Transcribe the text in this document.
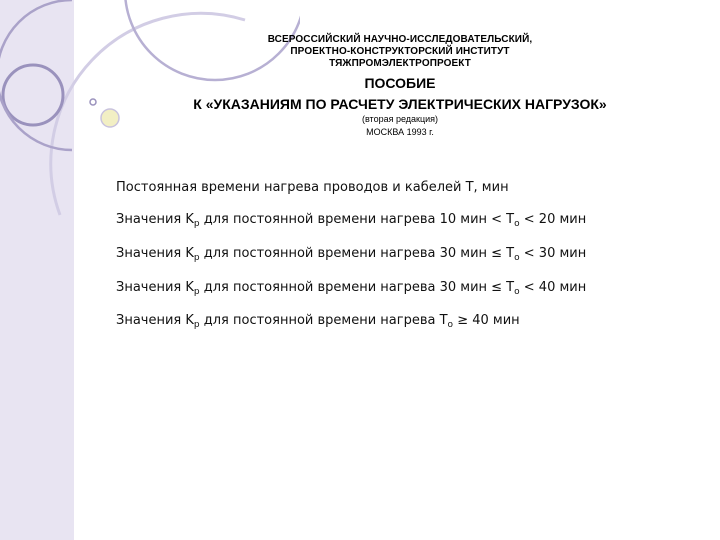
ВСЕРОССИЙСКИЙ НАУЧНО-ИССЛЕДОВАТЕЛЬСКИЙ,
ПРОЕКТНО-КОНСТРУКТОРСКИЙ ИНСТИТУТ
ТЯЖПРОМЭЛЕКТРОПРОЕКТ
ПОСОБИЕ
К «УКАЗАНИЯМ ПО РАСЧЕТУ ЭЛЕКТРИЧЕСКИХ НАГРУЗОК»
(вторая редакция)
МОСКВА 1993 г.
Постоянная времени нагрева проводов и кабелей Т, мин
Значения $K_р$ для постоянной времени нагрева 10 мин < $T_о < 20$ мин
Значения $K_р$ для постоянной времени нагрева 30 мин ≤ $T_о < 30$ мин
Значения $K_р$ для постоянной времени нагрева 30 мин ≤ $T_о < 40$ мин
Значения $K_р$ для постоянной времени нагрева $T_о \ge 40$ мин
